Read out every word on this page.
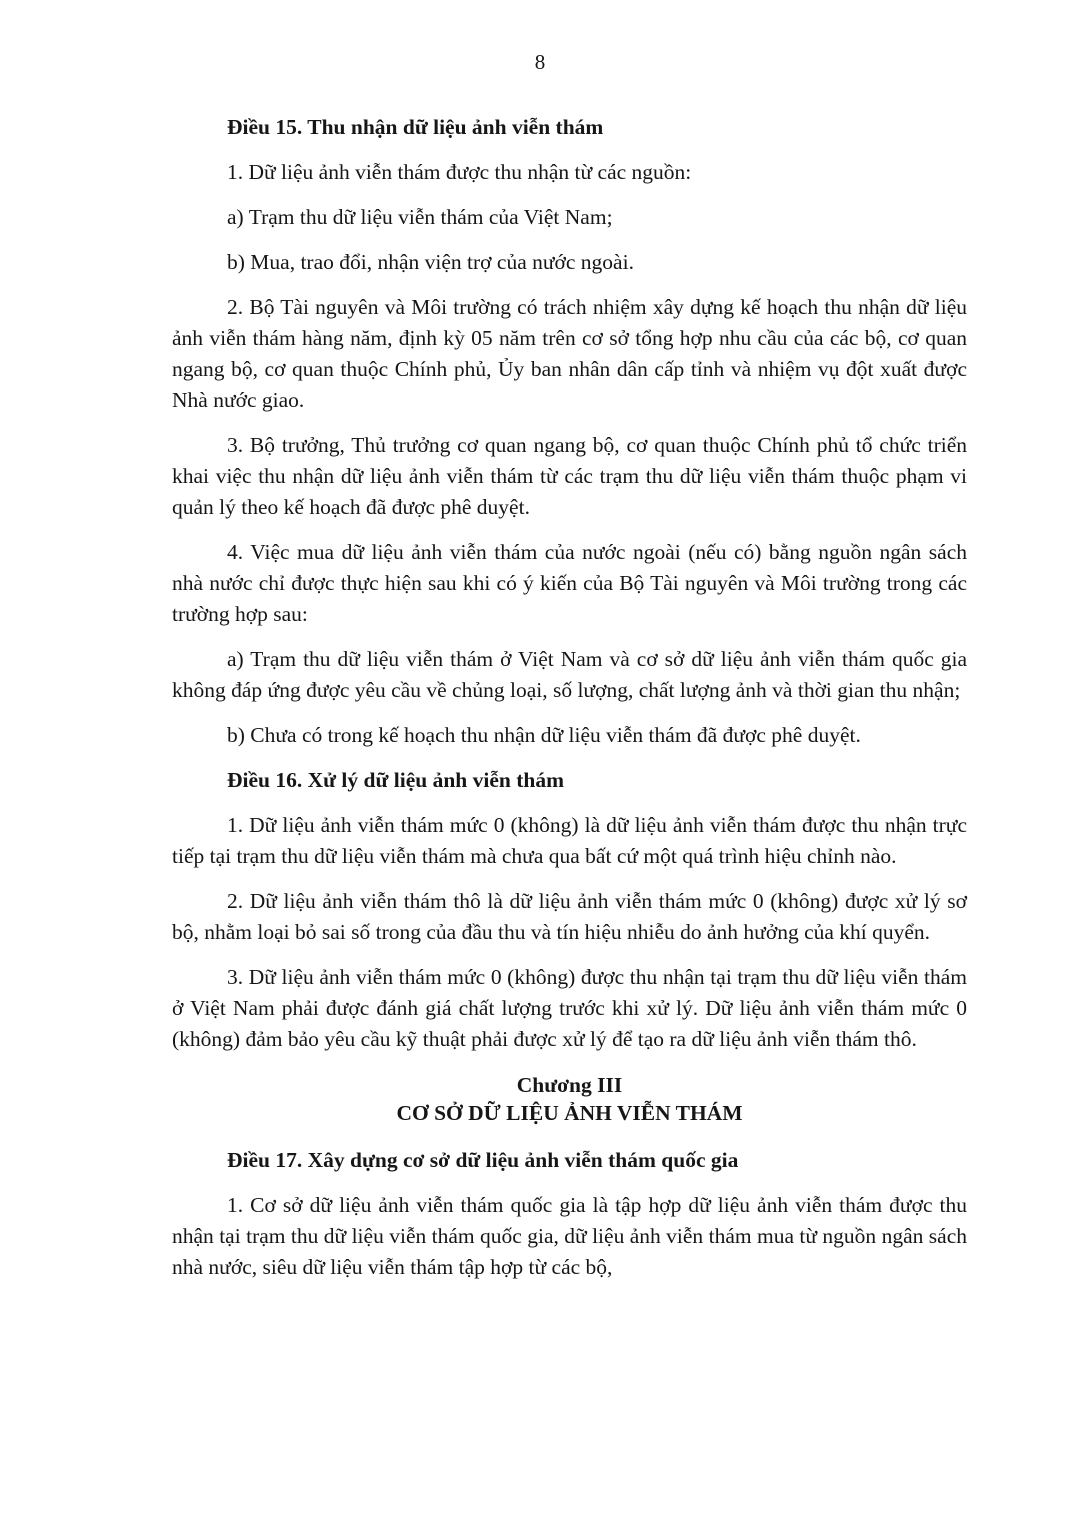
8
Điều 15. Thu nhận dữ liệu ảnh viễn thám

1. Dữ liệu ảnh viễn thám được thu nhận từ các nguồn:

a) Trạm thu dữ liệu viễn thám của Việt Nam;

b) Mua, trao đổi, nhận viện trợ của nước ngoài.

2. Bộ Tài nguyên và Môi trường có trách nhiệm xây dựng kế hoạch thu nhận dữ liệu ảnh viễn thám hàng năm, định kỳ 05 năm trên cơ sở tổng hợp nhu cầu của các bộ, cơ quan ngang bộ, cơ quan thuộc Chính phủ, Ủy ban nhân dân cấp tỉnh và nhiệm vụ đột xuất được Nhà nước giao.

3. Bộ trưởng, Thủ trưởng cơ quan ngang bộ, cơ quan thuộc Chính phủ tổ chức triển khai việc thu nhận dữ liệu ảnh viễn thám từ các trạm thu dữ liệu viễn thám thuộc phạm vi quản lý theo kế hoạch đã được phê duyệt.

4. Việc mua dữ liệu ảnh viễn thám của nước ngoài (nếu có) bằng nguồn ngân sách nhà nước chỉ được thực hiện sau khi có ý kiến của Bộ Tài nguyên và Môi trường trong các trường hợp sau:

a) Trạm thu dữ liệu viễn thám ở Việt Nam và cơ sở dữ liệu ảnh viễn thám quốc gia không đáp ứng được yêu cầu về chủng loại, số lượng, chất lượng ảnh và thời gian thu nhận;

b) Chưa có trong kế hoạch thu nhận dữ liệu viễn thám đã được phê duyệt.

Điều 16. Xử lý dữ liệu ảnh viễn thám

1. Dữ liệu ảnh viễn thám mức 0 (không) là dữ liệu ảnh viễn thám được thu nhận trực tiếp tại trạm thu dữ liệu viễn thám mà chưa qua bất cứ một quá trình hiệu chỉnh nào.

2. Dữ liệu ảnh viễn thám thô là dữ liệu ảnh viễn thám mức 0 (không) được xử lý sơ bộ, nhằm loại bỏ sai số trong của đầu thu và tín hiệu nhiễu do ảnh hưởng của khí quyển.

3. Dữ liệu ảnh viễn thám mức 0 (không) được thu nhận tại trạm thu dữ liệu viễn thám ở Việt Nam phải được đánh giá chất lượng trước khi xử lý. Dữ liệu ảnh viễn thám mức 0 (không) đảm bảo yêu cầu kỹ thuật phải được xử lý để tạo ra dữ liệu ảnh viễn thám thô.

Chương III
CƠ SỞ DỮ LIỆU ẢNH VIỄN THÁM
Điều 17. Xây dựng cơ sở dữ liệu ảnh viễn thám quốc gia

1. Cơ sở dữ liệu ảnh viễn thám quốc gia là tập hợp dữ liệu ảnh viễn thám được thu nhận tại trạm thu dữ liệu viễn thám quốc gia, dữ liệu ảnh viễn thám mua từ nguồn ngân sách nhà nước, siêu dữ liệu viễn thám tập hợp từ các bộ,
